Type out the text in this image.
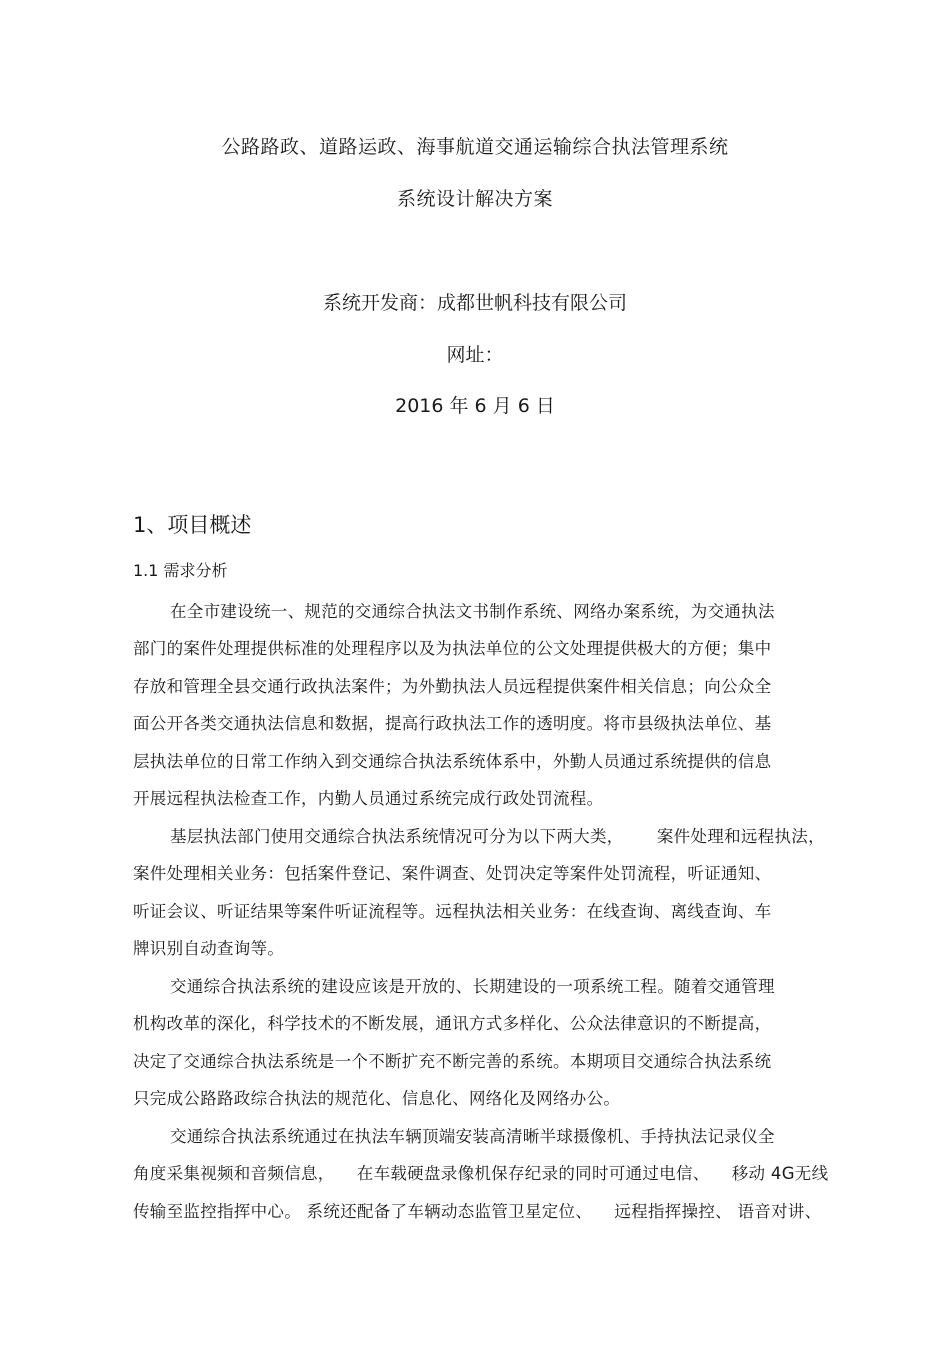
公路路政、道路运政、海事航道交通运输综合执法管理系统
系统设计解决方案
系统开发商：成都世帆科技有限公司
网址：
2016 年 6 月 6 日
1、项目概述
1.1 需求分析
在全市建设统一、规范的交通综合执法文书制作系统、网络办案系统，为交通执法
部门的案件处理提供标准的处理程序以及为执法单位的公文处理提供极大的方便；集中
存放和管理全县交通行政执法案件；为外勤执法人员远程提供案件相关信息；向公众全
面公开各类交通执法信息和数据，提高行政执法工作的透明度。将市县级执法单位、基
层执法单位的日常工作纳入到交通综合执法系统体系中，外勤人员通过系统提供的信息
开展远程执法检查工作，内勤人员通过系统完成行政处罚流程。
基层执法部门使用交通综合执法系统情况可分为以下两大类，      案件处理和远程执法，
案件处理相关业务：包括案件登记、案件调查、处罚决定等案件处罚流程，听证通知、
听证会议、听证结果等案件听证流程等。远程执法相关业务：在线查询、离线查询、车
牌识别自动查询等。
交通综合执法系统的建设应该是开放的、长期建设的一项系统工程。随着交通管理
机构改革的深化，科学技术的不断发展，通讯方式多样化、公众法律意识的不断提高，
决定了交通综合执法系统是一个不断扩充不断完善的系统。本期项目交通综合执法系统
只完成公路路政综合执法的规范化、信息化、网络化及网络办公。
交通综合执法系统通过在执法车辆顶端安装高清晰半球摄像机、手持执法记录仪全
角度采集视频和音频信息，    在车载硬盘录像机保存纪录的同时可通过电信、    移动 4G无线
传输至监控指挥中心。 系统还配备了车辆动态监管卫星定位、    远程指挥操控、 语音对讲、
